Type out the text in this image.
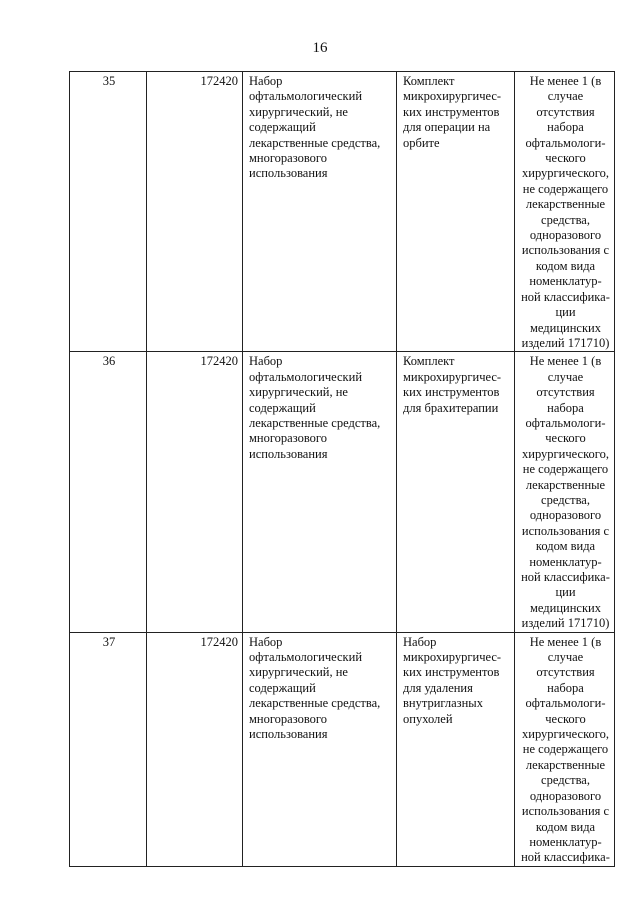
16
35	172420	Набор офтальмологический хирургический, не содержащий лекарственные средства, многоразового использования	Комплект микрохирургичес-ких инструментов для операции на орбите	Не менее 1 (в случае отсутствия набора офтальмологи-ческого хирургического, не содержащего лекарственные средства, одноразового использования с кодом вида номенклатур-ной классифика-ции медицинских изделий 171710)
36	172420	Набор офтальмологический хирургический, не содержащий лекарственные средства, многоразового использования	Комплект микрохирургичес-ких инструментов для брахитерапии	Не менее 1 (в случае отсутствия набора офтальмологи-ческого хирургического, не содержащего лекарственные средства, одноразового использования с кодом вида номенклатур-ной классифика-ции медицинских изделий 171710)
37	172420	Набор офтальмологический хирургический, не содержащий лекарственные средства, многоразового использования	Набор микрохирургичес-ких инструментов для удаления внутриглазных опухолей	Не менее 1 (в случае отсутствия набора офтальмологи-ческого хирургического, не содержащего лекарственные средства, одноразового использования с кодом вида номенклатур-ной классифика-
